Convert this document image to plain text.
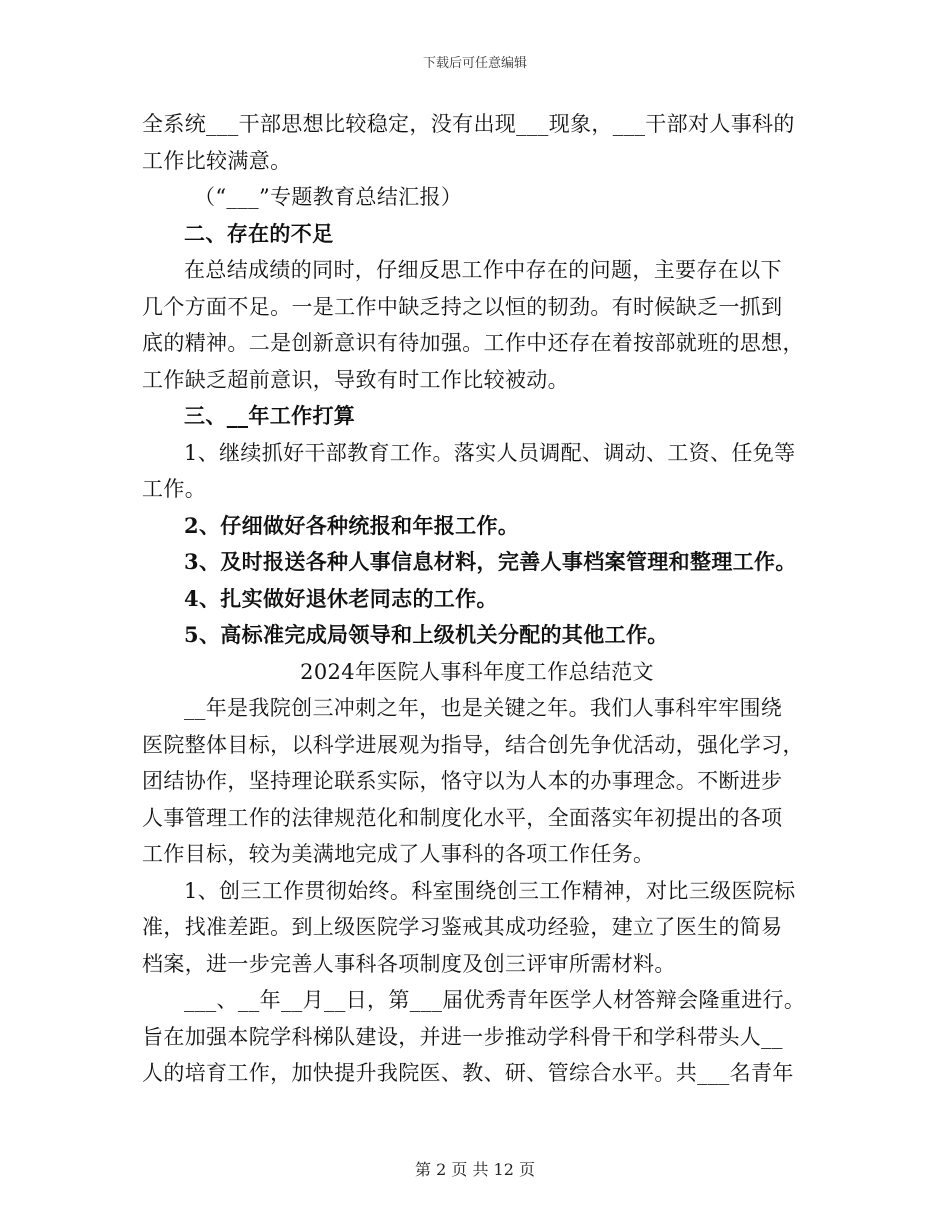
下载后可任意编辑
全系统___干部思想比较稳定，没有出现___现象，___干部对人事科的
工作比较满意。
（“___”专题教育总结汇报）
二、存在的不足
在总结成绩的同时，仔细反思工作中存在的问题，主要存在以下
几个方面不足。一是工作中缺乏持之以恒的韧劲。有时候缺乏一抓到
底的精神。二是创新意识有待加强。工作中还存在着按部就班的思想，
工作缺乏超前意识，导致有时工作比较被动。
三、__年工作打算
1、继续抓好干部教育工作。落实人员调配、调动、工资、任免等
工作。
2、仔细做好各种统报和年报工作。
3、及时报送各种人事信息材料，完善人事档案管理和整理工作。
4、扎实做好退休老同志的工作。
5、高标准完成局领导和上级机关分配的其他工作。
2024年医院人事科年度工作总结范文
__年是我院创三冲刺之年，也是关键之年。我们人事科牢牢围绕
医院整体目标，以科学进展观为指导，结合创先争优活动，强化学习，
团结协作，坚持理论联系实际，恪守以为人本的办事理念。不断进步
人事管理工作的法律规范化和制度化水平，全面落实年初提出的各项
工作目标，较为美满地完成了人事科的各项工作任务。
1、创三工作贯彻始终。科室围绕创三工作精神，对比三级医院标
准，找准差距。到上级医院学习鉴戒其成功经验，建立了医生的简易
档案，进一步完善人事科各项制度及创三评审所需材料。
___、__年__月__日，第___届优秀青年医学人材答辩会隆重进行。
旨在加强本院学科梯队建设，并进一步推动学科骨干和学科带头人__
人的培育工作，加快提升我院医、教、研、管综合水平。共___名青年
第 2 页 共 12 页
